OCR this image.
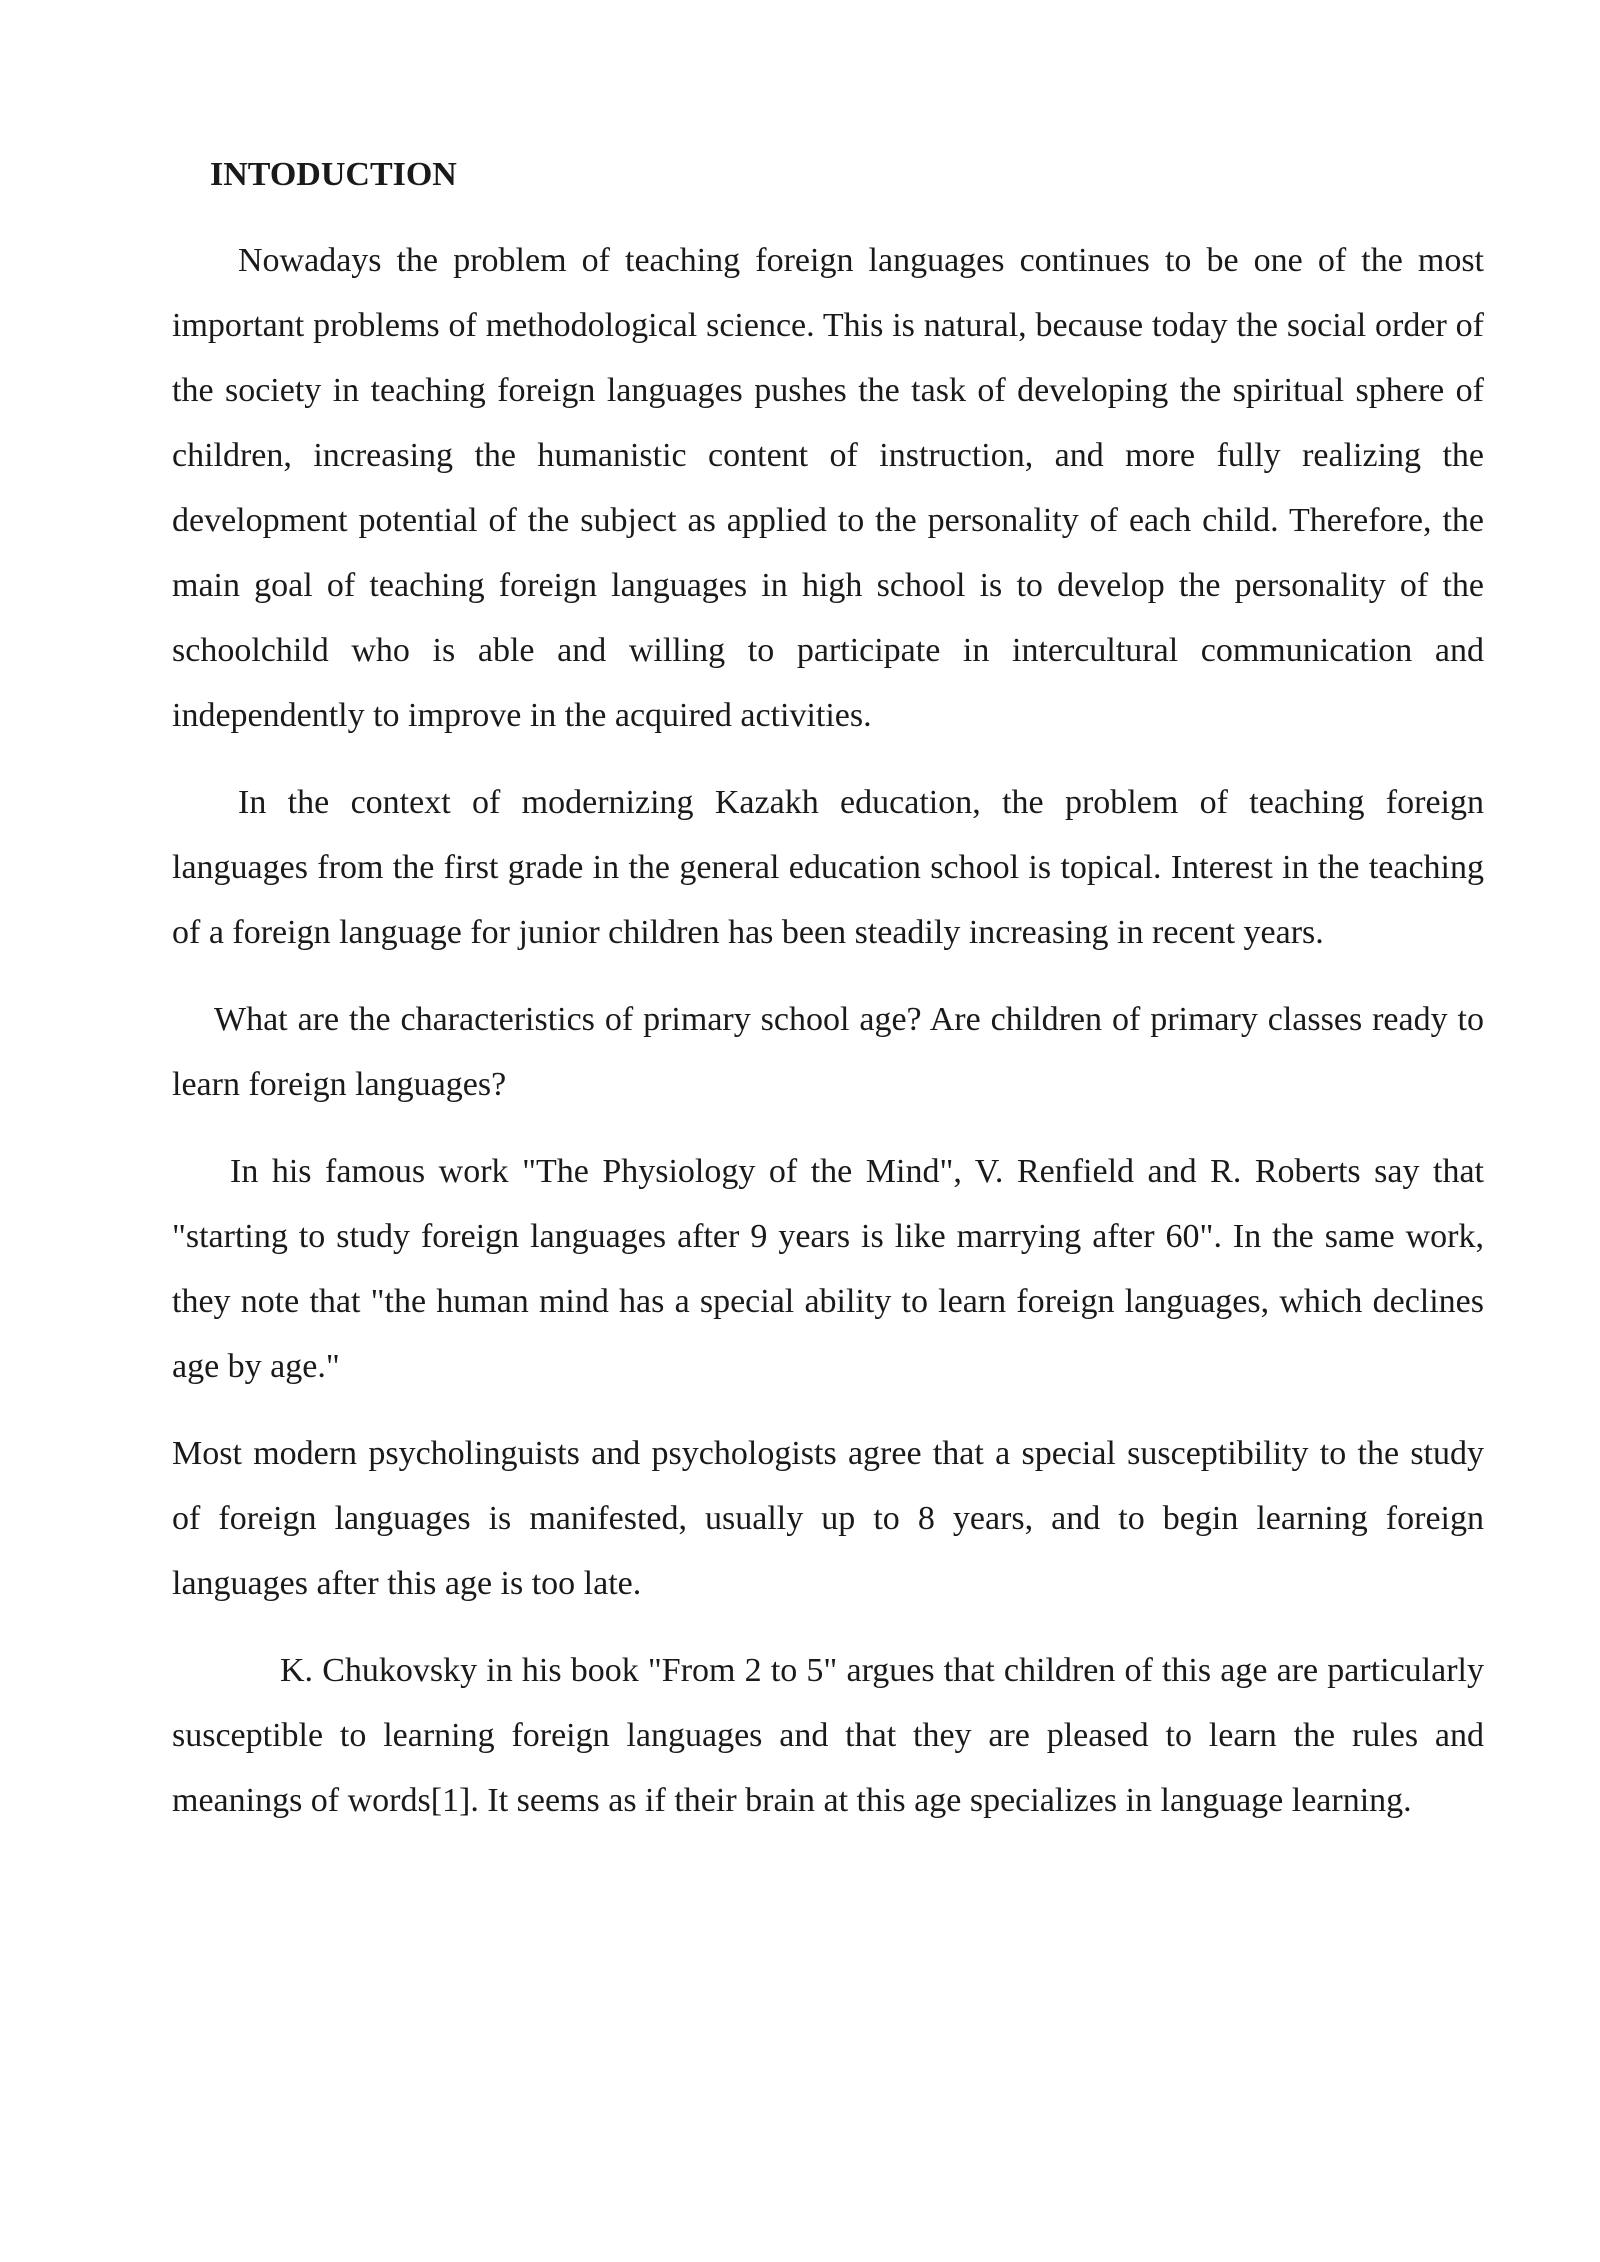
INTODUCTION

Nowadays the problem of teaching foreign languages continues to be one of the most important problems of methodological science. This is natural, because today the social order of the society in teaching foreign languages pushes the task of developing the spiritual sphere of children, increasing the humanistic content of instruction, and more fully realizing the development potential of the subject as applied to the personality of each child. Therefore, the main goal of teaching foreign languages in high school is to develop the personality of the schoolchild who is able and willing to participate in intercultural communication and independently to improve in the acquired activities.

In the context of modernizing Kazakh education, the problem of teaching foreign languages from the first grade in the general education school is topical. Interest in the teaching of a foreign language for junior children has been steadily increasing in recent years.

What are the characteristics of primary school age? Are children of primary classes ready to learn foreign languages?

In his famous work "The Physiology of the Mind", V. Renfield and R. Roberts say that "starting to study foreign languages after 9 years is like marrying after 60". In the same work, they note that "the human mind has a special ability to learn foreign languages, which declines age by age."

Most modern psycholinguists and psychologists agree that a special susceptibility to the study of foreign languages is manifested, usually up to 8 years, and to begin learning foreign languages after this age is too late.

K. Chukovsky in his book "From 2 to 5" argues that children of this age are particularly susceptible to learning foreign languages and that they are pleased to learn the rules and meanings of words[1]. It seems as if their brain at this age specializes in language learning.
